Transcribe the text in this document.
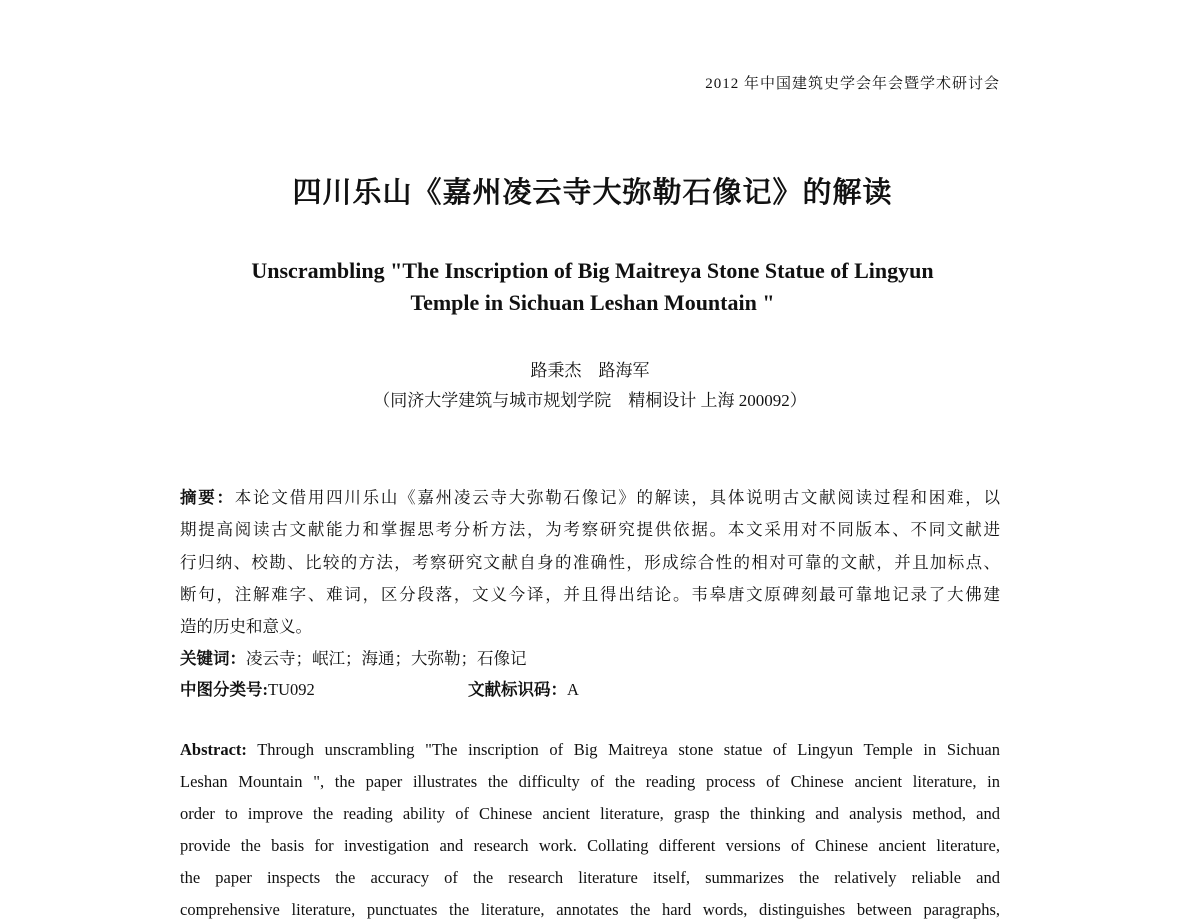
2012 年中国建筑史学会年会暨学术研讨会
四川乐山《嘉州凌云寺大弥勒石像记》的解读
Unscrambling "The Inscription of Big Maitreya Stone Statue of Lingyun
Temple in Sichuan Leshan Mountain "
路秉杰　路海军
（同济大学建筑与城市规划学院　精桐设计 上海 200092）
摘要：本论文借用四川乐山《嘉州凌云寺大弥勒石像记》的解读，具体说明古文献阅读过程和困难，以
期提高阅读古文献能力和掌握思考分析方法，为考察研究提供依据。本文采用对不同版本、不同文献进
行归纳、校勘、比较的方法，考察研究文献自身的准确性，形成综合性的相对可靠的文献，并且加标点、
断句，注解难字、难词，区分段落，文义今译，并且得出结论。韦皋唐文原碑刻最可靠地记录了大佛建
造的历史和意义。
关键词：凌云寺；岷江；海通；大弥勒；石像记
中图分类号:TU092	文献标识码：A
Abstract: Through unscrambling "The inscription of Big Maitreya stone statue of Lingyun Temple in Sichuan
Leshan Mountain ", the paper illustrates the difficulty of the reading process of Chinese ancient literature, in
order to improve the reading ability of Chinese ancient literature, grasp the thinking and analysis method, and
provide the basis for investigation and research work. Collating different versions of Chinese ancient literature,
the paper inspects the accuracy of the research literature itself, summarizes the relatively reliable and
comprehensive literature, punctuates the literature, annotates the hard words, distinguishes between paragraphs,
